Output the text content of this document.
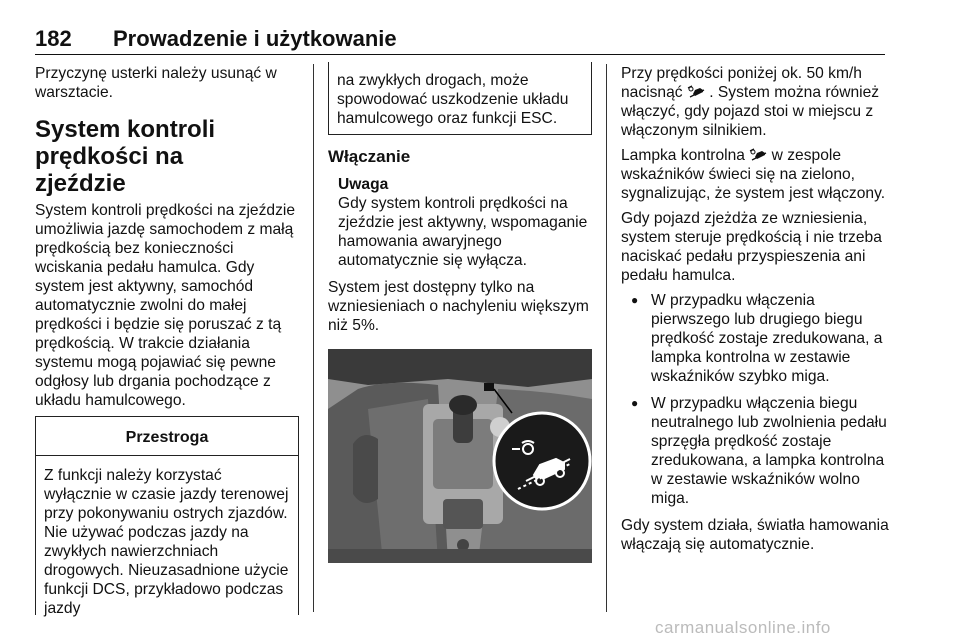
182 Prowadzenie i użytkowanie

Przyczynę usterki należy usunąć w warsztacie.

System kontroli prędkości na zjeździe

System kontroli prędkości na zjeździe umożliwia jazdę samochodem z małą prędkością bez konieczności wciskania pedału hamulca. Gdy system jest aktywny, samochód automatycznie zwolni do małej prędkości i będzie się poruszać z tą prędkością. W trakcie działania systemu mogą pojawiać się pewne odgłosy lub drgania pochodzące z układu hamulcowego.

Przestroga
Z funkcji należy korzystać wyłącznie w czasie jazdy terenowej przy pokonywaniu ostrych zjazdów. Nie używać podczas jazdy na zwykłych nawierzchniach drogowych. Nieuzasadnione użycie funkcji DCS, przykładowo podczas jazdy
na zwykłych drogach, może spowodować uszkodzenie układu hamulcowego oraz funkcji ESC.
Włączanie

Uwaga

Gdy system kontroli prędkości na zjeździe jest aktywny, wspomaganie hamowania awaryjnego automatycznie się wyłącza.

System jest dostępny tylko na wzniesieniach o nachyleniu większym niż 5%.

Przy prędkości poniżej ok. 50 km/h nacisnąć . System można również włączyć, gdy pojazd stoi w miejscu z włączonym silnikiem.

Lampka kontrolna w zespole wskaźników świeci się na zielono, sygnalizując, że system jest włączony.

Gdy pojazd zjeżdża ze wzniesienia, system steruje prędkością i nie trzeba naciskać pedału przyspieszenia ani pedału hamulca.

● W przypadku włączenia pierwszego lub drugiego biegu prędkość zostaje zredukowana, a lampka kontrolna w zestawie wskaźników szybko miga.
● W przypadku włączenia biegu neutralnego lub zwolnienia pedału sprzęgła prędkość zostaje zredukowana, a lampka kontrolna w zestawie wskaźników wolno miga.

Gdy system działa, światła hamowania włączają się automatycznie.

carmanualsonline.info
